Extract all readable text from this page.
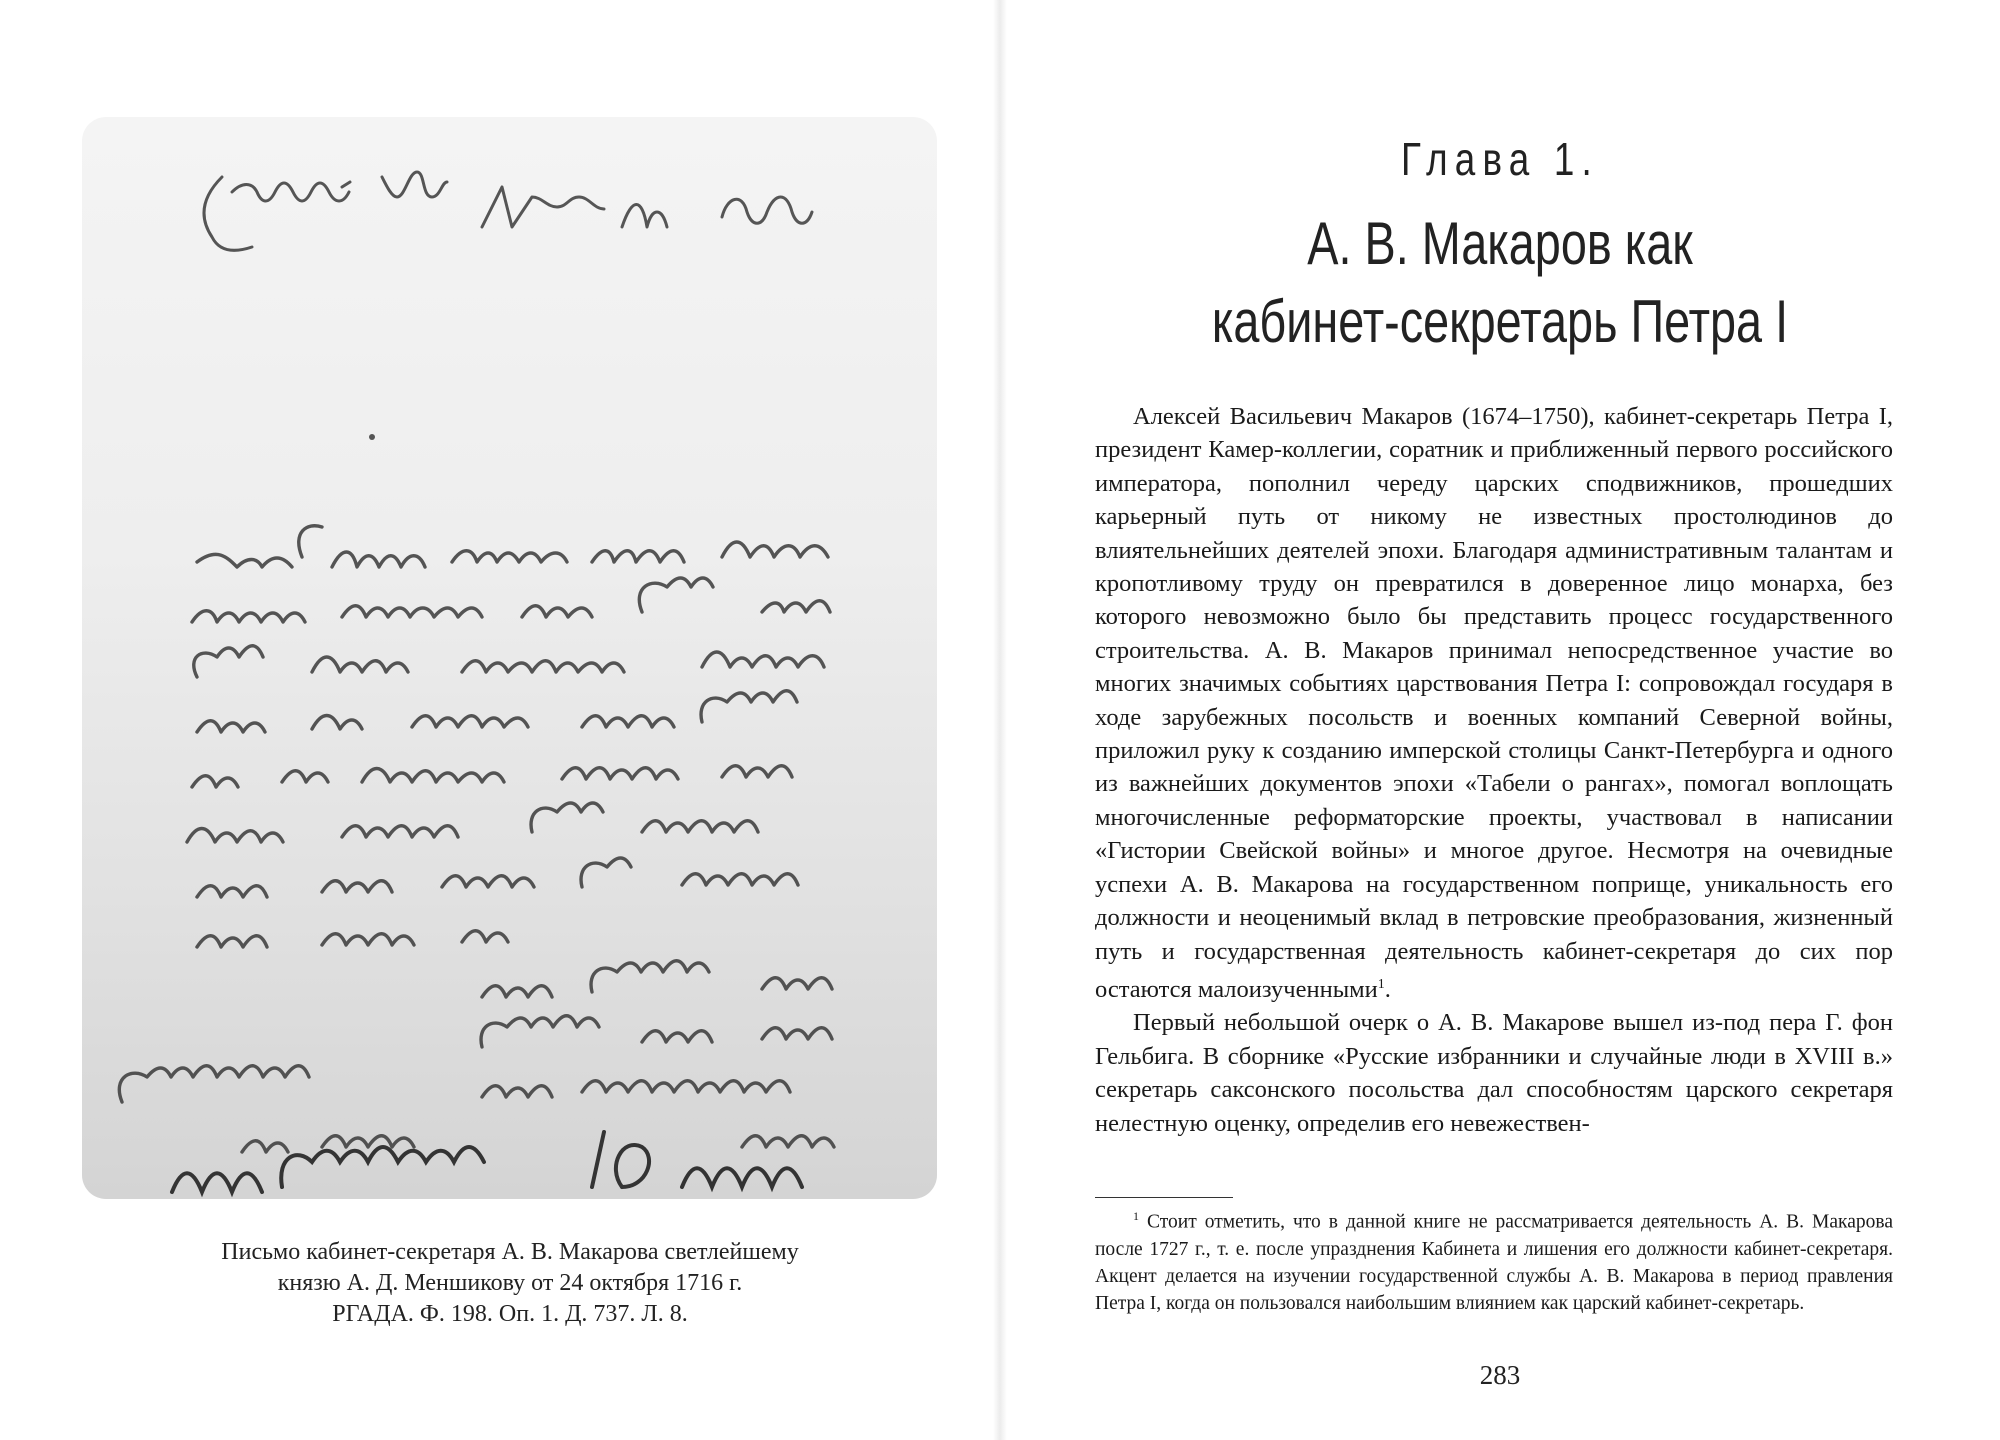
Письмо кабинет-секретаря А. В. Макарова светлейшему
князю А. Д. Меншикову от 24 октября 1716 г.
РГАДА. Ф. 198. Оп. 1. Д. 737. Л. 8.
Глава 1.
А. В. Макаров как
кабинет-секретарь Петра I

Алексей Васильевич Макаров (1674–1750), кабинет-секретарь Петра I, президент Камер-коллегии, соратник и приближенный первого российского императора, пополнил череду царских сподвижников, прошедших карьерный путь от никому не известных простолюдинов до влиятельнейших деятелей эпохи. Благодаря административным талантам и кропотливому труду он превратился в доверенное лицо монарха, без которого невозможно было бы представить процесс государственного строительства. А. В. Макаров принимал непосредственное участие во многих значимых событиях царствования Петра I: сопровождал государя в ходе зарубежных посольств и военных компаний Северной войны, приложил руку к созданию имперской столицы Санкт-Петербурга и одного из важнейших документов эпохи «Табели о рангах», помогал воплощать многочисленные реформаторские проекты, участвовал в написании «Гистории Свейской войны» и многое другое. Несмотря на очевидные успехи А. В. Макарова на государственном поприще, уникальность его должности и неоценимый вклад в петровские преобразования, жизненный путь и государственная деятельность кабинет-секретаря до сих пор остаются малоизученными$^1$.

Первый небольшой очерк о А. В. Макарове вышел из-под пера Г. фон Гельбига. В сборнике «Русские избранники и случайные люди в XVIII в.» секретарь саксонского посольства дал способностям царского секретаря нелестную оценку, определив его невежествен-

$^1$ Стоит отметить, что в данной книге не рассматривается деятельность А. В. Макарова после 1727 г., т. е. после упразднения Кабинета и лишения его должности кабинет-секретаря. Акцент делается на изучении государственной службы А. В. Макарова в период правления Петра I, когда он пользовался наибольшим влиянием как царский кабинет-секретарь.

283
